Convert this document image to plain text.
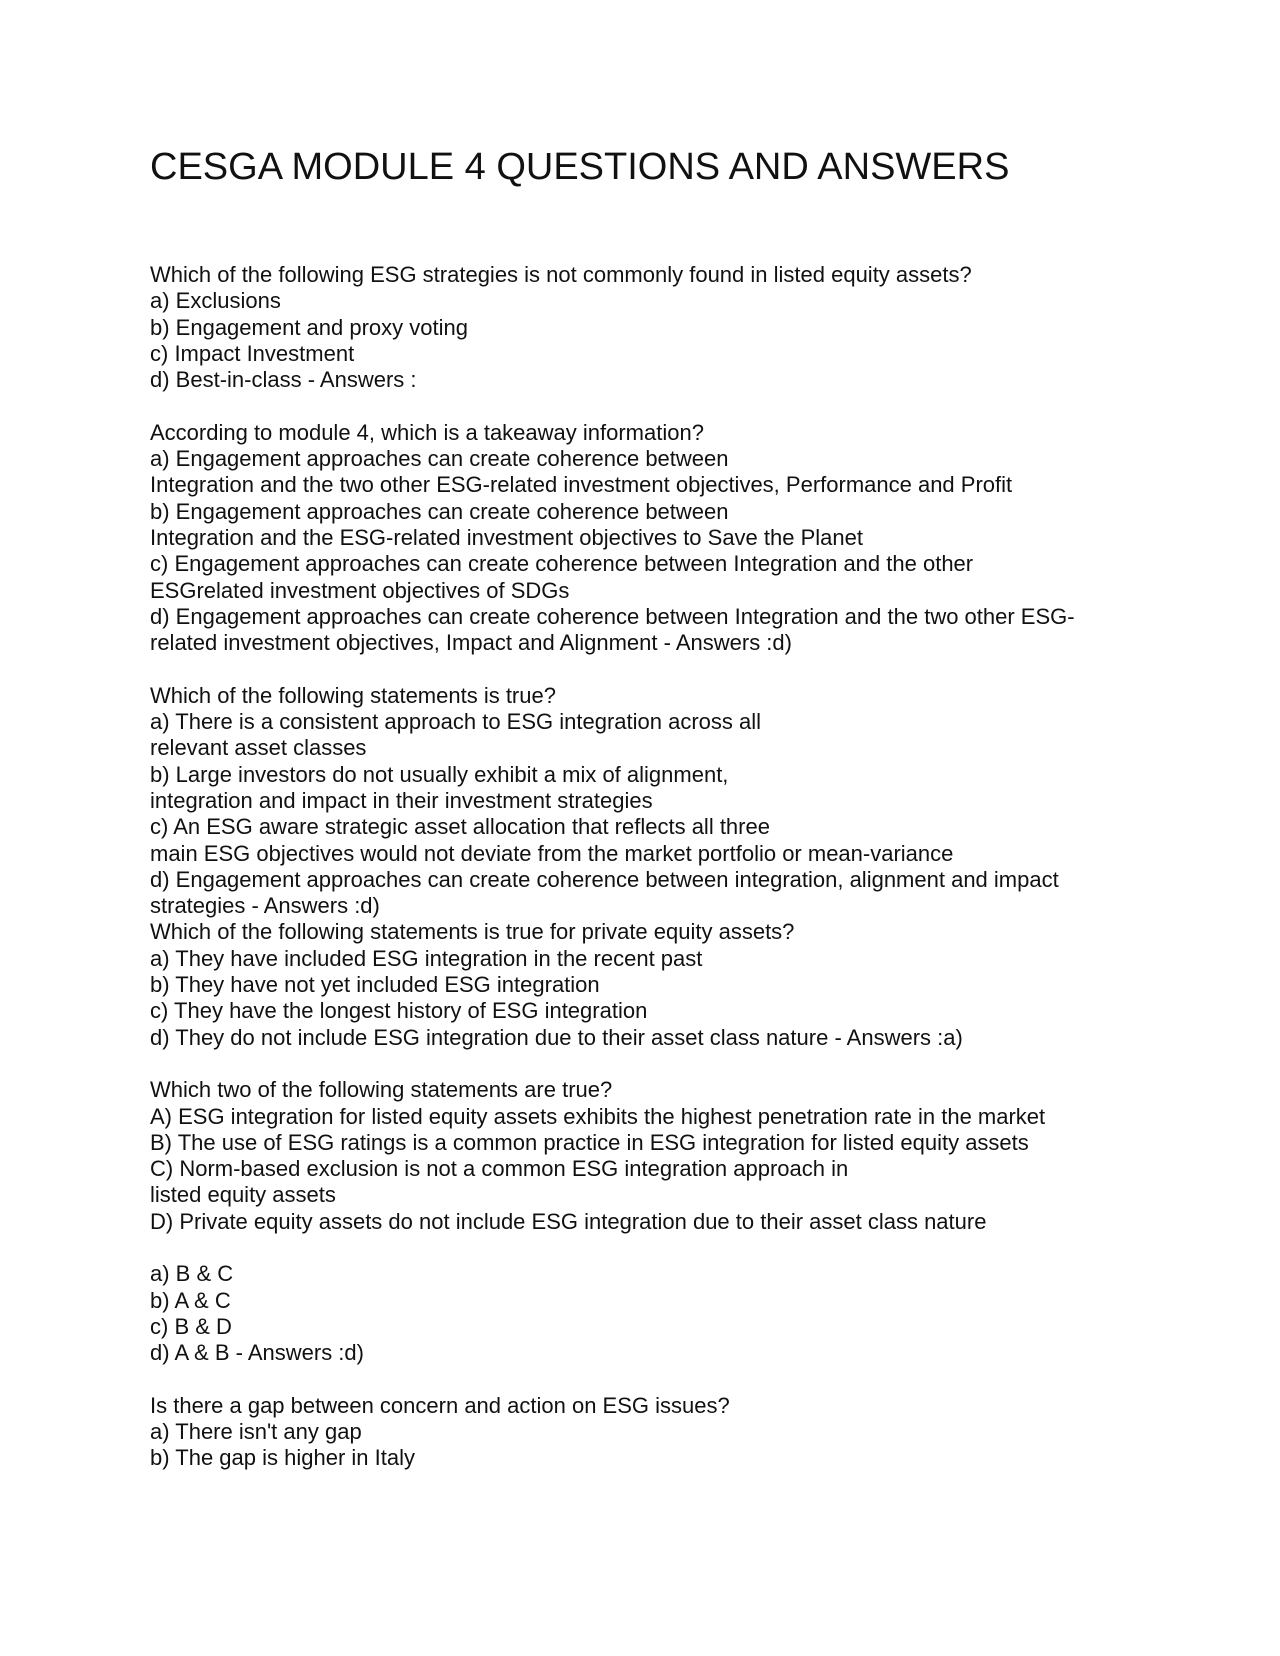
CESGA MODULE 4 QUESTIONS AND ANSWERS
Which of the following ESG strategies is not commonly found in listed equity assets?
a) Exclusions
b) Engagement and proxy voting
c) Impact Investment
d) Best-in-class - Answers :
According to module 4, which is a takeaway information?
a) Engagement approaches can create coherence between
Integration and the two other ESG-related investment objectives, Performance and Profit
b) Engagement approaches can create coherence between
Integration and the ESG-related investment objectives to Save the Planet
c) Engagement approaches can create coherence between Integration and the other
ESGrelated investment objectives of SDGs
d) Engagement approaches can create coherence between Integration and the two other ESG-
related investment objectives, Impact and Alignment - Answers :d)
Which of the following statements is true?
a) There is a consistent approach to ESG integration across all
relevant asset classes
b) Large investors do not usually exhibit a mix of alignment,
integration and impact in their investment strategies
c) An ESG aware strategic asset allocation that reflects all three
main ESG objectives would not deviate from the market portfolio or mean-variance
d) Engagement approaches can create coherence between integration, alignment and impact
strategies - Answers :d)
Which of the following statements is true for private equity assets?
a) They have included ESG integration in the recent past
b) They have not yet included ESG integration
c) They have the longest history of ESG integration
d) They do not include ESG integration due to their asset class nature - Answers :a)
Which two of the following statements are true?
A) ESG integration for listed equity assets exhibits the highest penetration rate in the market
B) The use of ESG ratings is a common practice in ESG integration for listed equity assets
C) Norm-based exclusion is not a common ESG integration approach in
listed equity assets
D) Private equity assets do not include ESG integration due to their asset class nature
a) B & C
b) A & C
c) B & D
d) A & B - Answers :d)
Is there a gap between concern and action on ESG issues?
a) There isn't any gap
b) The gap is higher in Italy
